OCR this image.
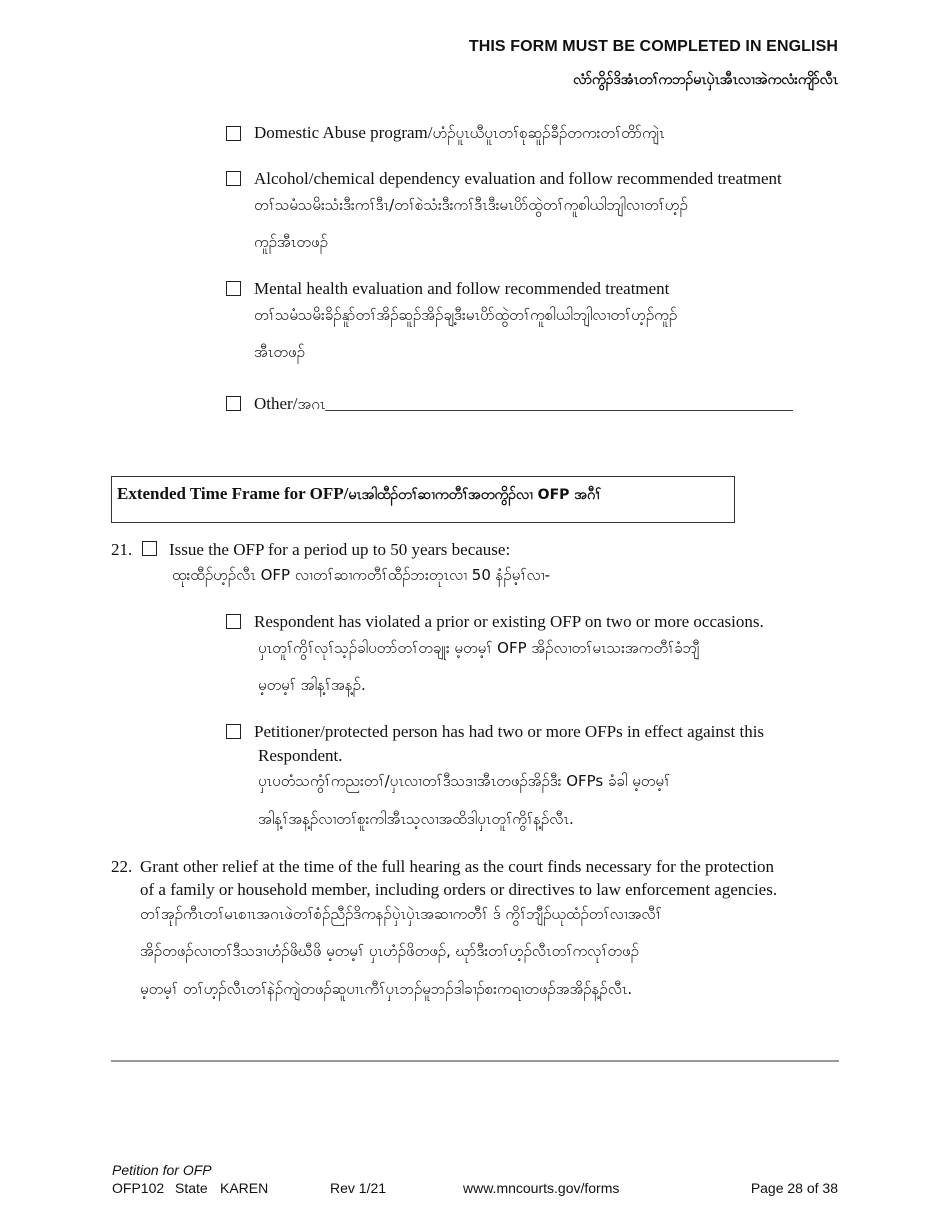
THIS FORM MUST BE COMPLETED IN ENGLISH
လံာ်ကွိၣ်ဒိအံၤတၢ်ကဘၣ်မၤပှဲၤအီၤလၢအဲကလံးကျိာ်လီၤ
Domestic Abuse program/ဟံၣ်ပူၤယီပူၤတၢ်စုဆူၣ်ခီၣ်တကးတၢ်တိာ်ကျဲၤ
Alcohol/chemical dependency evaluation and follow recommended treatment
တၢ်သမံသမိးသံးဒီးကၢ်ဒီၤ/တၢ်စဲသံးဒီးကၢ်ဒီၤဒီးမၤပိာ်ထွဲတၢ်ကူစါယါဘျါလၢတၢ်ဟ့ၣ်
ကူၣ်အီၤတဖၣ်
Mental health evaluation and follow recommended treatment
တၢ်သမံသမိးခိၣ်နူာ်တၢ်အိၣ်ဆူၣ်အိၣ်ချ့ဒီးမၤပိာ်ထွဲတၢ်ကူစါယါဘျါလၢတၢ်ဟ့ၣ်ကူၣ်
အီၤတဖၣ်
Other/အဂၤ_______________________________________________________
Extended Time Frame for OFP/မၤအါထီၣ်တၢ်ဆၢကတီၢ်အတကွိၣ်လၢ OFP အဂီၢ်
21. Issue the OFP for a period up to 50 years because:
ထုးထီၣ်ဟ့ၣ်လီၤ OFP လၢတၢ်ဆၢကတီၢ်ထီၣ်ဘးတုၤလၢ 50 နံၣ်မ့ၢ်လၢ-
Respondent has violated a prior or existing OFP on two or more occasions.
ပှၤတူၢ်ကွိၢ်လုၢ်သ့ၣ်ခါပတာ်တၢ်တချုး မ့တမ့ၢ် OFP အိၣ်လၢတၢ်မၤသးအကတီၢ်ခံဘျီ
မ့တမ့ၢ် အါန့ၢ်အန့ၣ်.
Petitioner/protected person has had two or more OFPs in effect against this
Respondent.
ပှၤပတံသကွံၢ်ကညးတၢ်/ပှၤလၢတၢ်ဒီသဒၢအီၤတဖၣ်အိၣ်ဒီး OFPs ခံခါ မ့တမ့ၢ်
အါန့ၢ်အန့ၣ်လၢတၢ်စူးကါအီၤသ့လၢအထိဒါပှၤတူၢ်ကွိၢ်န့ၣ်လီၤ.
22. Grant other relief at the time of the full hearing as the court finds necessary for the protection
of a family or household member, including orders or directives to law enforcement agencies.
တၢ်အုၣ်ကီၤတၢ်မၤစၢၤအဂၤဖဲတၢ်စံၣ်ညီၣ်ဒိကနၣ်ပှဲၤပှဲၤအဆၢကတီၢ် ဒ် ကွိၢ်ဘျီၣ်ယုထံၣ်တၢ်လၢအလီၢ်
အိၣ်တဖၣ်လၢတၢ်ဒီသဒၢဟံၣ်ဖိဃီဖိ မ့တမ့ၢ် ပှၤဟံၣ်ဖိတဖၣ်, ဃုာ်ဒီးတၢ်ဟ့ၣ်လီၤတၢ်ကလုၢ်တဖၣ်
မ့တမ့ၢ် တၢ်ဟ့ၣ်လီၤတၢ်နဲၣ်ကျဲတဖၣ်ဆူပၢၤကီၢ်ပှၤဘၣ်မူဘၣ်ဒါခၢၣ်စးကရၢတဖၣ်အအိၣ်န့ၣ်လီၤ.
Petition for OFP
OFP102 State KAREN	Rev 1/21	www.mncourts.gov/forms	Page 28 of 38
